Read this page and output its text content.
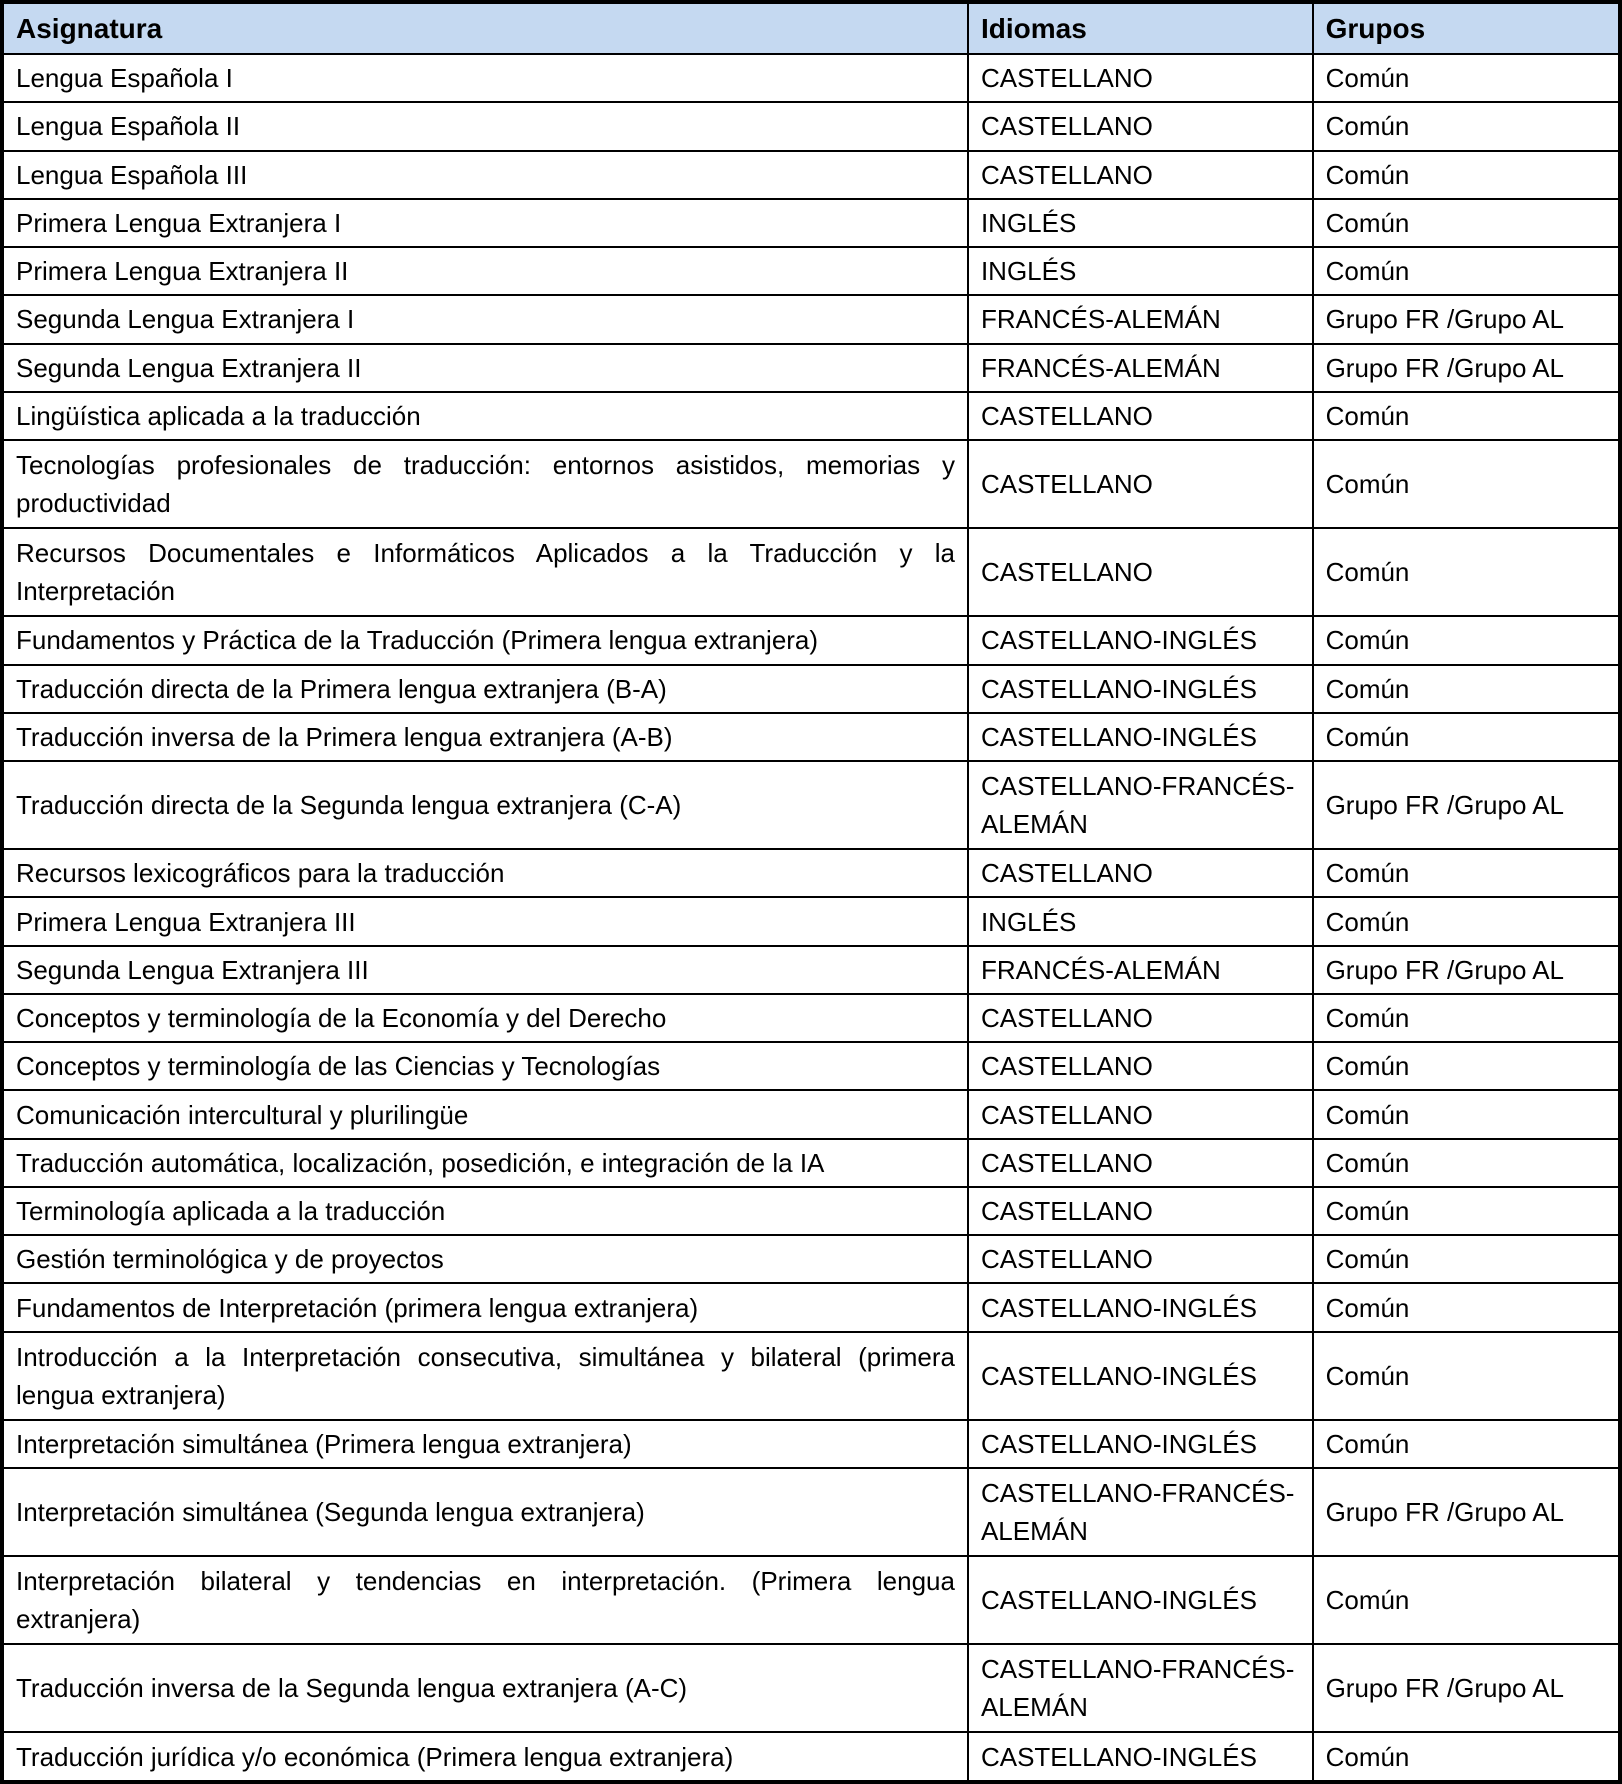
Asignatura	Idiomas	Grupos
Lengua Española I	CASTELLANO	Común
Lengua Española II	CASTELLANO	Común
Lengua Española III	CASTELLANO	Común
Primera Lengua Extranjera I	INGLÉS	Común
Primera Lengua Extranjera II	INGLÉS	Común
Segunda Lengua Extranjera I	FRANCÉS-ALEMÁN	Grupo FR /Grupo AL
Segunda Lengua Extranjera II	FRANCÉS-ALEMÁN	Grupo FR /Grupo AL
Lingüística aplicada a la traducción	CASTELLANO	Común
Tecnologías profesionales de traducción: entornos asistidos, memorias y productividad	CASTELLANO	Común
Recursos Documentales e Informáticos Aplicados a la Traducción y la Interpretación	CASTELLANO	Común
Fundamentos y Práctica de la Traducción (Primera lengua extranjera)	CASTELLANO-INGLÉS	Común
Traducción directa de la Primera lengua extranjera (B-A)	CASTELLANO-INGLÉS	Común
Traducción inversa de la Primera lengua extranjera (A-B)	CASTELLANO-INGLÉS	Común
Traducción directa de la Segunda lengua extranjera (C-A)	CASTELLANO-FRANCÉS-ALEMÁN	Grupo FR /Grupo AL
Recursos lexicográficos para la traducción	CASTELLANO	Común
Primera Lengua Extranjera III	INGLÉS	Común
Segunda Lengua Extranjera III	FRANCÉS-ALEMÁN	Grupo FR /Grupo AL
Conceptos y terminología de la Economía y del Derecho	CASTELLANO	Común
Conceptos y terminología de las Ciencias y Tecnologías	CASTELLANO	Común
Comunicación intercultural y plurilingüe	CASTELLANO	Común
Traducción automática, localización, posedición, e integración de la IA	CASTELLANO	Común
Terminología aplicada a la traducción	CASTELLANO	Común
Gestión terminológica y de proyectos	CASTELLANO	Común
Fundamentos de Interpretación (primera lengua extranjera)	CASTELLANO-INGLÉS	Común
Introducción a la Interpretación consecutiva, simultánea y bilateral (primera lengua extranjera)	CASTELLANO-INGLÉS	Común
Interpretación simultánea (Primera lengua extranjera)	CASTELLANO-INGLÉS	Común
Interpretación simultánea (Segunda lengua extranjera)	CASTELLANO-FRANCÉS-ALEMÁN	Grupo FR /Grupo AL
Interpretación bilateral y tendencias en interpretación. (Primera lengua extranjera)	CASTELLANO-INGLÉS	Común
Traducción inversa de la Segunda lengua extranjera (A-C)	CASTELLANO-FRANCÉS-ALEMÁN	Grupo FR /Grupo AL
Traducción jurídica y/o económica (Primera lengua extranjera)	CASTELLANO-INGLÉS	Común
